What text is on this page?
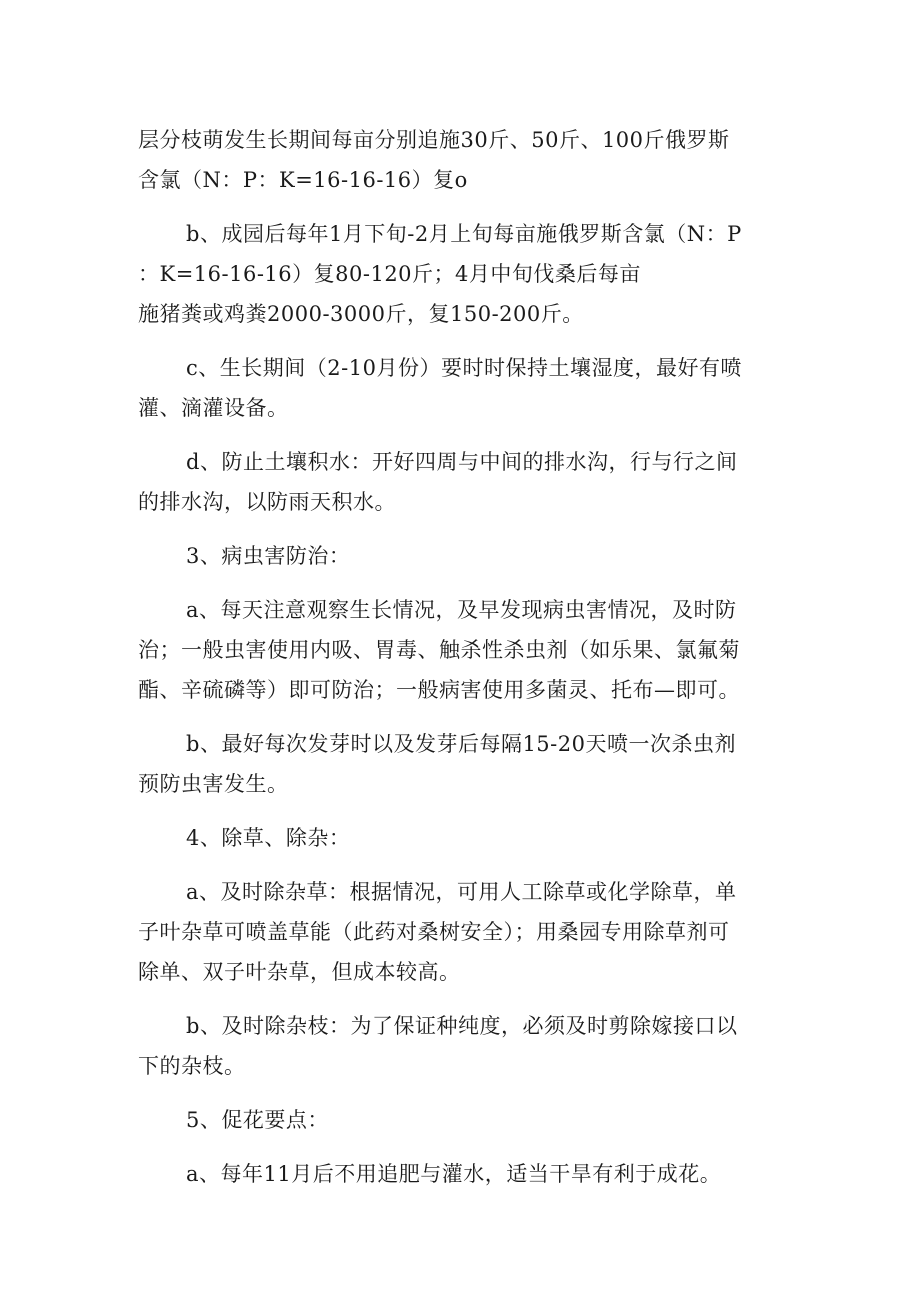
层分枝萌发生长期间每亩分别追施30斤、50斤、100斤俄罗斯
含氯（N：P：K=16-16-16）复o
b、成园后每年1月下旬-2月上旬每亩施俄罗斯含氯（N：P
：K=16-16-16）复80-120斤；4月中旬伐桑后每亩
施猪粪或鸡粪2000-3000斤，复150-200斤。
c、生长期间（2-10月份）要时时保持土壤湿度，最好有喷
灌、滴灌设备。
d、防止土壤积水：开好四周与中间的排水沟，行与行之间
的排水沟，以防雨天积水。
3、病虫害防治：
a、每天注意观察生长情况，及早发现病虫害情况，及时防
治；一般虫害使用内吸、胃毒、触杀性杀虫剂（如乐果、氯氟菊
酯、辛硫磷等）即可防治；一般病害使用多菌灵、托布—即可。
b、最好每次发芽时以及发芽后每隔15-20天喷一次杀虫剂
预防虫害发生。
4、除草、除杂：
a、及时除杂草：根据情况，可用人工除草或化学除草，单
子叶杂草可喷盖草能（此药对桑树安全）；用桑园专用除草剂可
除单、双子叶杂草，但成本较高。
b、及时除杂枝：为了保证种纯度，必须及时剪除嫁接口以
下的杂枝。
5、促花要点：
a、每年11月后不用追肥与灌水，适当干旱有利于成花。
